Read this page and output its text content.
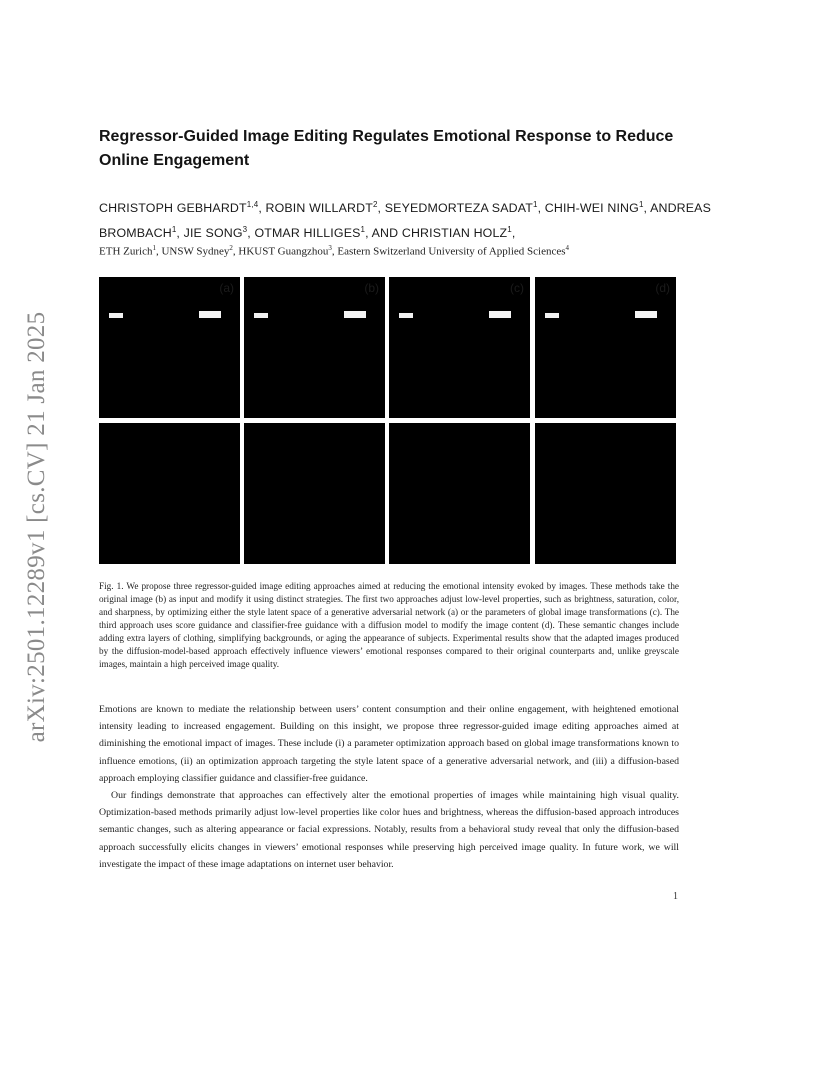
arXiv:2501.12289v1 [cs.CV] 21 Jan 2025
Regressor-Guided Image Editing Regulates Emotional Response to Reduce Online Engagement
CHRISTOPH GEBHARDT$^{1,4}$, ROBIN WILLARDT$^2$, SEYEDMORTEZA SADAT$^1$, CHIH-WEI NING$^1$, ANDREAS BROMBACH$^1$, JIE SONG$^3$, OTMAR HILLIGES$^1$, AND CHRISTIAN HOLZ$^1$,
ETH Zurich$^1$, UNSW Sydney$^2$, HKUST Guangzhou$^3$, Eastern Switzerland University of Applied Sciences$^4$
(a)	(b)	(c)	(d)
Fig. 1. We propose three regressor-guided image editing approaches aimed at reducing the emotional intensity evoked by images. These methods take the original image (b) as input and modify it using distinct strategies. The first two approaches adjust low-level properties, such as brightness, saturation, color, and sharpness, by optimizing either the style latent space of a generative adversarial network (a) or the parameters of global image transformations (c). The third approach uses score guidance and classifier-free guidance with a diffusion model to modify the image content (d). These semantic changes include adding extra layers of clothing, simplifying backgrounds, or aging the appearance of subjects. Experimental results show that the adapted images produced by the diffusion-model-based approach effectively influence viewers’ emotional responses compared to their original counterparts and, unlike greyscale images, maintain a high perceived image quality.

Emotions are known to mediate the relationship between users’ content consumption and their online engagement, with heightened emotional intensity leading to increased engagement. Building on this insight, we propose three regressor-guided image editing approaches aimed at diminishing the emotional impact of images. These include (i) a parameter optimization approach based on global image transformations known to influence emotions, (ii) an optimization approach targeting the style latent space of a generative adversarial network, and (iii) a diffusion-based approach employing classifier guidance and classifier-free guidance.

Our findings demonstrate that approaches can effectively alter the emotional properties of images while maintaining high visual quality. Optimization-based methods primarily adjust low-level properties like color hues and brightness, whereas the diffusion-based approach introduces semantic changes, such as altering appearance or facial expressions. Notably, results from a behavioral study reveal that only the diffusion-based approach successfully elicits changes in viewers’ emotional responses while preserving high perceived image quality. In future work, we will investigate the impact of these image adaptations on internet user behavior.

1
